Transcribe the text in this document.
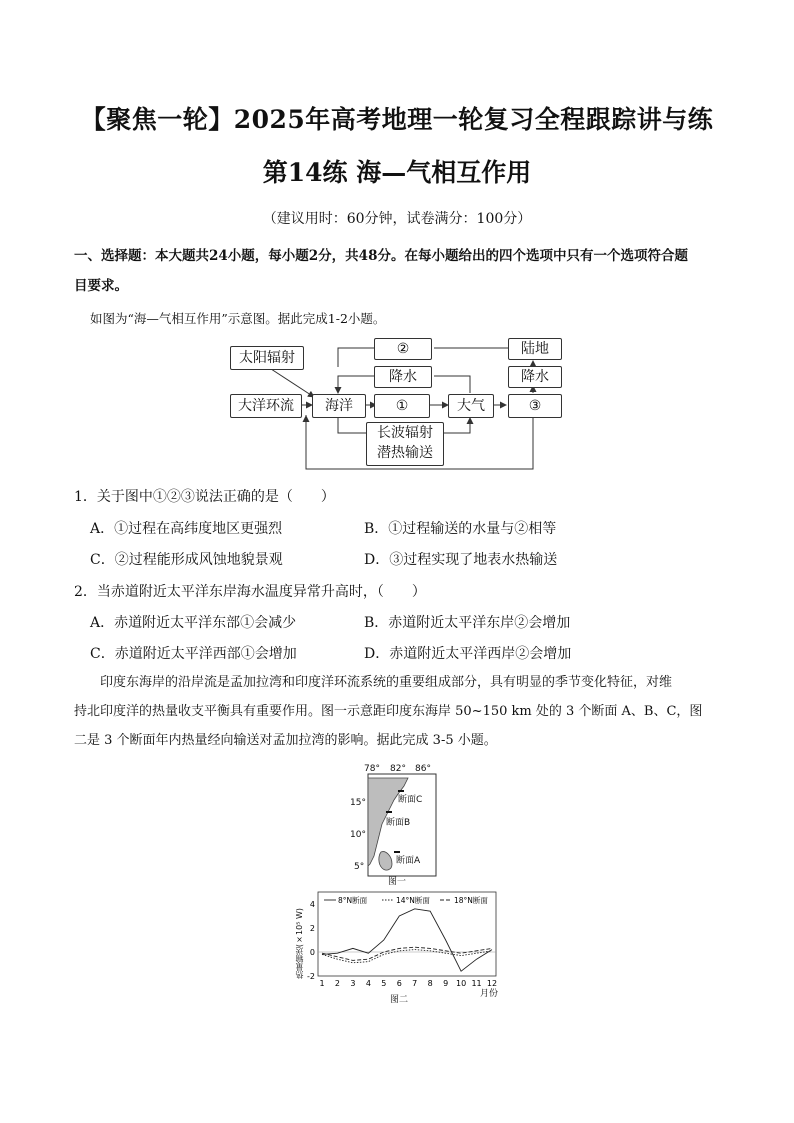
【聚焦一轮】2025年高考地理一轮复习全程跟踪讲与练
第14练 海—气相互作用
（建议用时：60分钟，试卷满分：100分）
一、选择题：本大题共24小题，每小题2分，共48分。在每小题给出的四个选项中只有一个选项符合题
目要求。
如图为“海—气相互作用”示意图。据此完成1-2小题。
太阳辐射
大洋环流	海洋	①	大气	③
②	陆地
降水	降水
长波辐射
潜热输送
1．关于图中①②③说法正确的是（　　）
A．①过程在高纬度地区更强烈	B．①过程输送的水量与②相等
C．②过程能形成风蚀地貌景观	D．③过程实现了地表水热输送
2．当赤道附近太平洋东岸海水温度异常升高时，（　　）
A．赤道附近太平洋东部①会减少	B．赤道附近太平洋东岸②会增加
C．赤道附近太平洋西部①会增加	D．赤道附近太平洋西岸②会增加
印度东海岸的沿岸流是孟加拉湾和印度洋环流系统的重要组成部分，具有明显的季节变化特征，对维
持北印度洋的热量收支平衡具有重要作用。图一示意距印度东海岸 50~150 km 处的 3 个断面 A、B、C，图
二是 3 个断面年内热量经向输送对孟加拉湾的影响。据此完成 3-5 小题。
78° 82° 86°
15°
10°
5°
断面C
断面B
断面A
图一
4
2
0
-2
1 2 3 4 5 6 7 8 9 10 11 12
8°N断面	14°N断面	18°N断面
热量输送(×10⁵ W)
月份
图二
